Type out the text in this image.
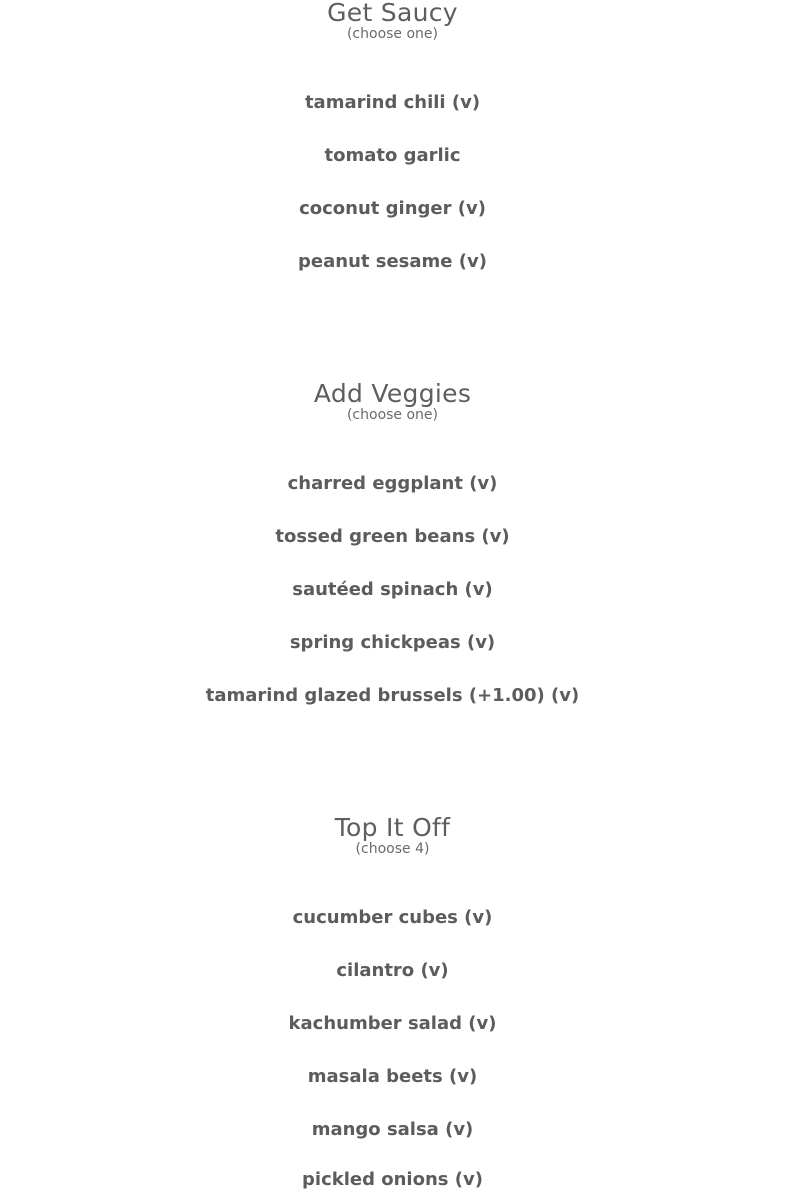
Get Saucy
(choose one)
tamarind chili (v)
tomato garlic
coconut ginger (v)
peanut sesame (v)
Add Veggies
(choose one)
charred eggplant (v)
tossed green beans (v)
sautéed spinach (v)
spring chickpeas (v)
tamarind glazed brussels (+1.00) (v)
Top It Off
(choose 4)
cucumber cubes (v)
cilantro (v)
kachumber salad (v)
masala beets (v)
mango salsa (v)
pickled onions (v)
